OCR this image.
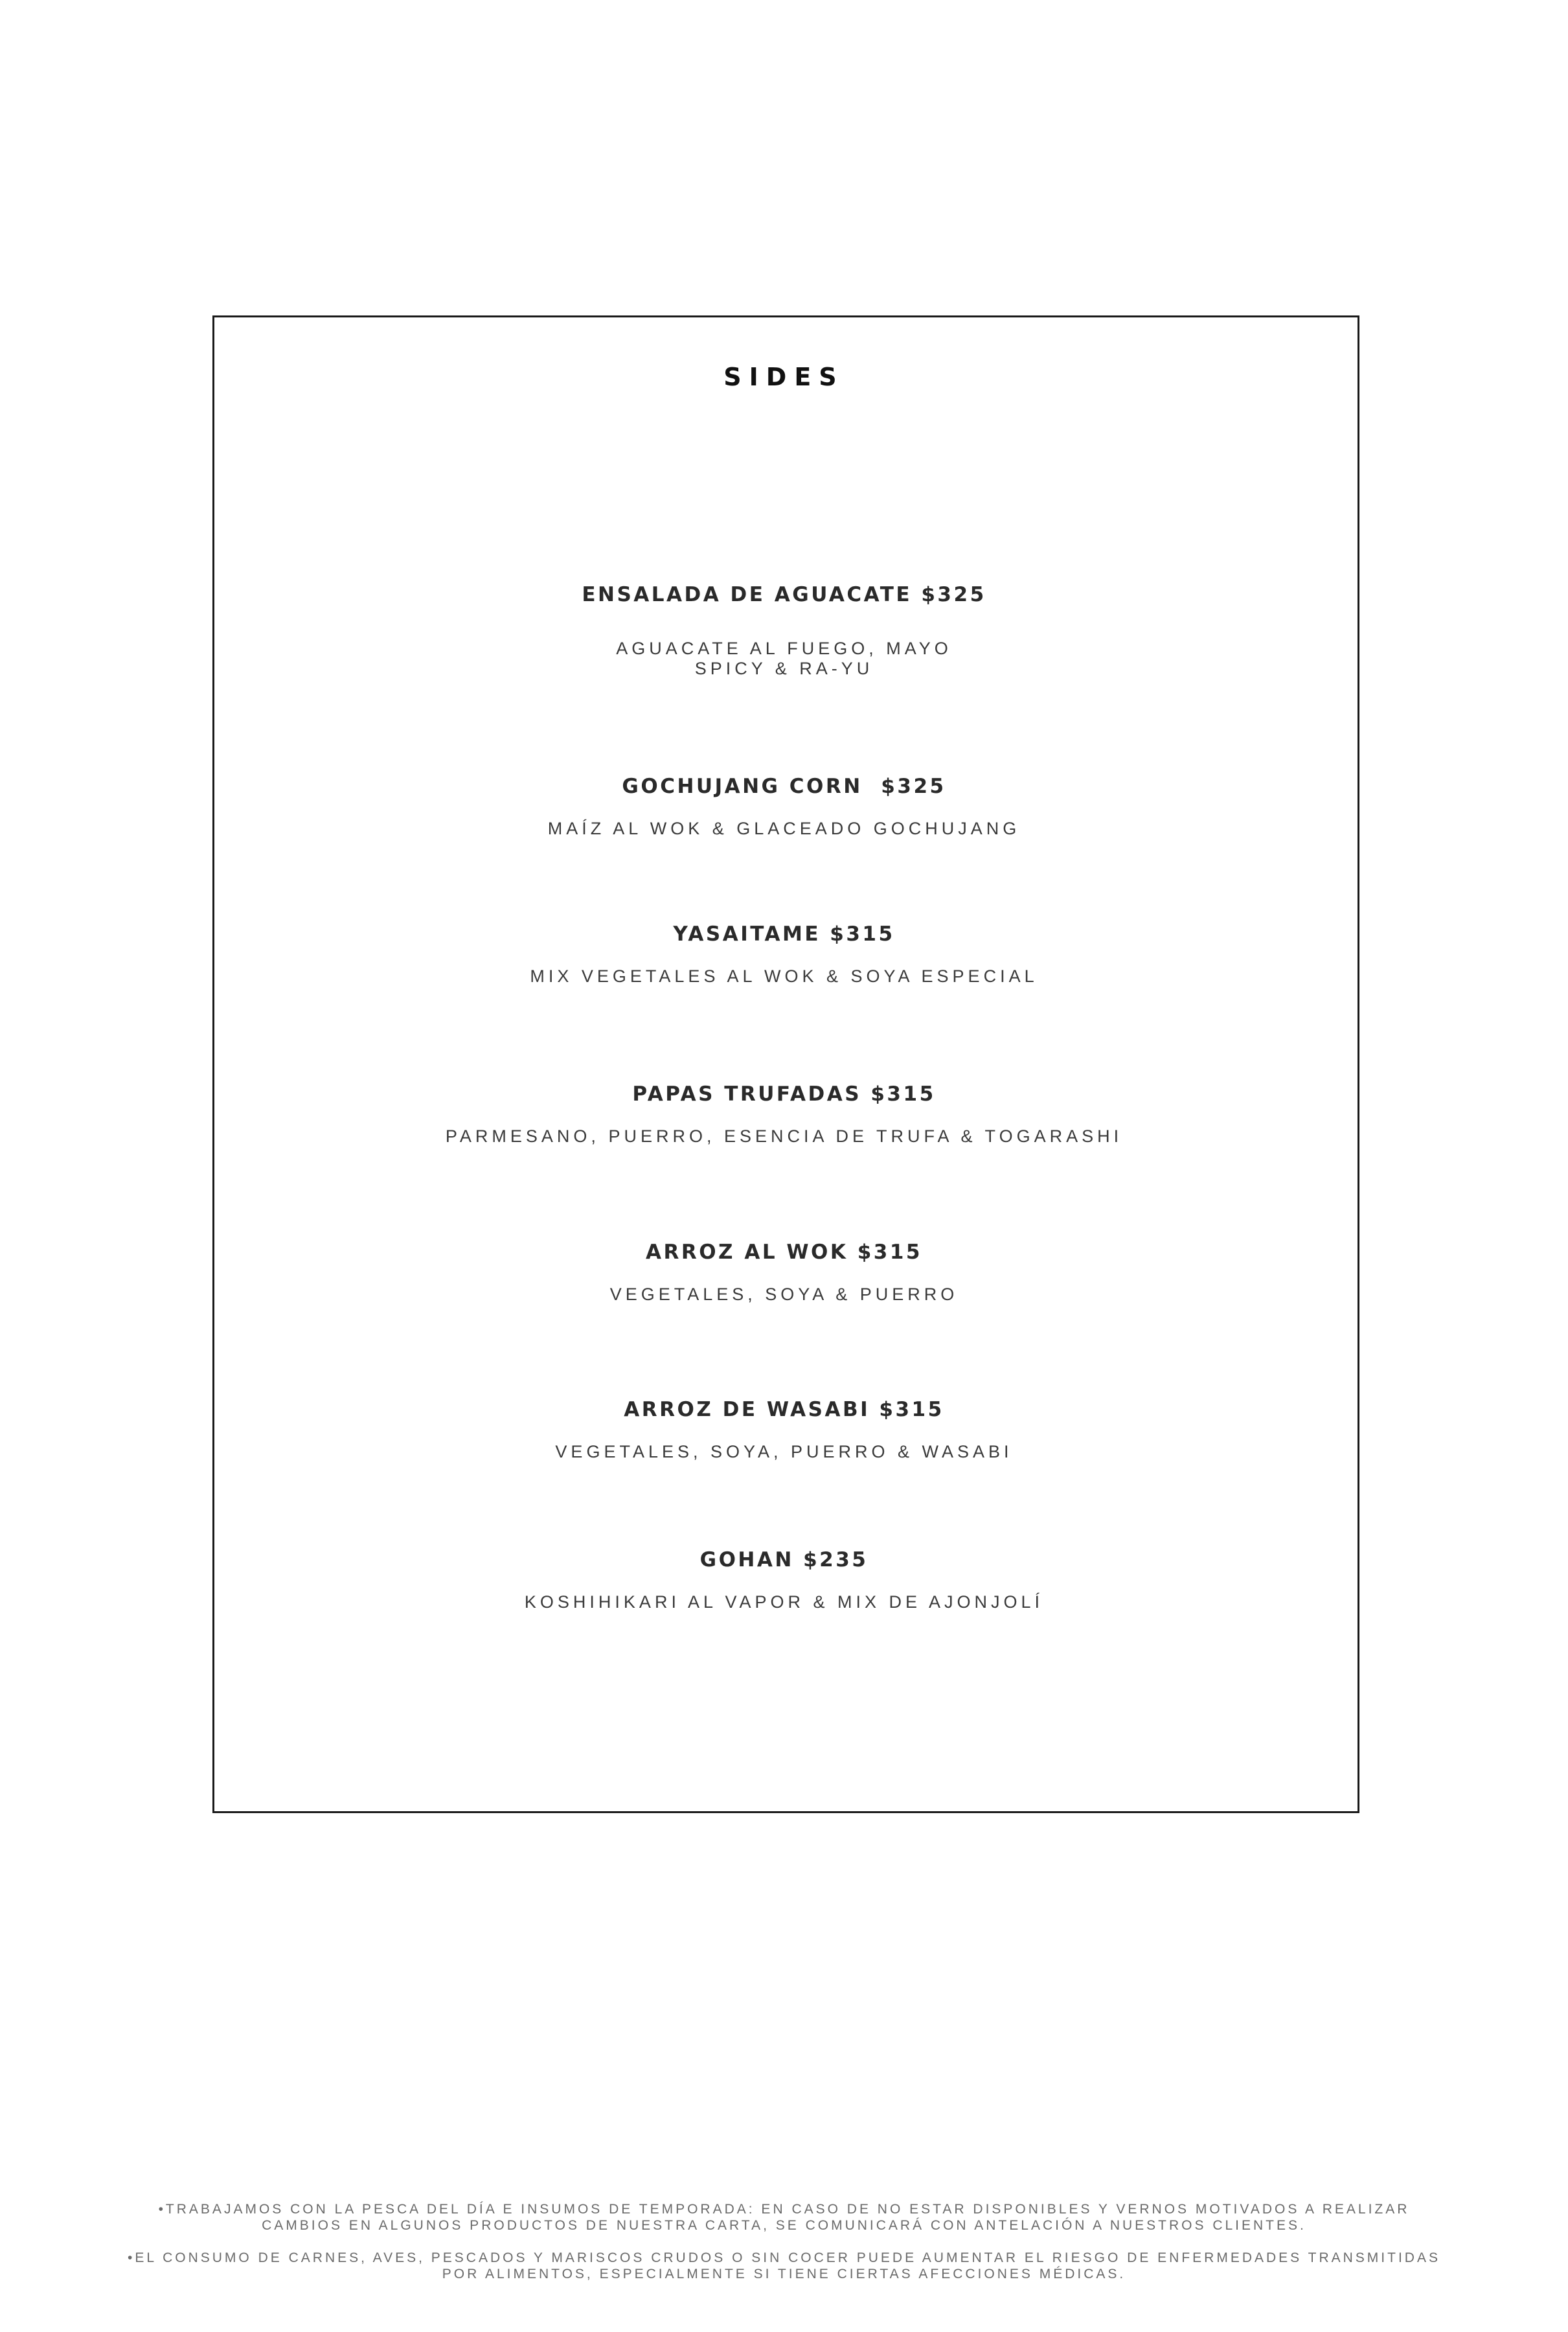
SIDES
ENSALADA DE AGUACATE $325
AGUACATE AL FUEGO, MAYO
SPICY & RA-YU
GOCHUJANG CORN  $325
MAÍZ AL WOK & GLACEADO GOCHUJANG
YASAITAME $315
MIX VEGETALES AL WOK & SOYA ESPECIAL
PAPAS TRUFADAS $315
PARMESANO, PUERRO, ESENCIA DE TRUFA & TOGARASHI
ARROZ AL WOK $315
VEGETALES, SOYA & PUERRO
ARROZ DE WASABI $315
VEGETALES, SOYA, PUERRO & WASABI
GOHAN $235
KOSHIHIKARI AL VAPOR & MIX DE AJONJOLÍ
•TRABAJAMOS CON LA PESCA DEL DÍA E INSUMOS DE TEMPORADA: EN CASO DE NO ESTAR DISPONIBLES Y VERNOS MOTIVADOS A REALIZAR
CAMBIOS EN ALGUNOS PRODUCTOS DE NUESTRA CARTA, SE COMUNICARÁ CON ANTELACIÓN A NUESTROS CLIENTES.
•EL CONSUMO DE CARNES, AVES, PESCADOS Y MARISCOS CRUDOS O SIN COCER PUEDE AUMENTAR EL RIESGO DE ENFERMEDADES TRANSMITIDAS
POR ALIMENTOS, ESPECIALMENTE SI TIENE CIERTAS AFECCIONES MÉDICAS.
